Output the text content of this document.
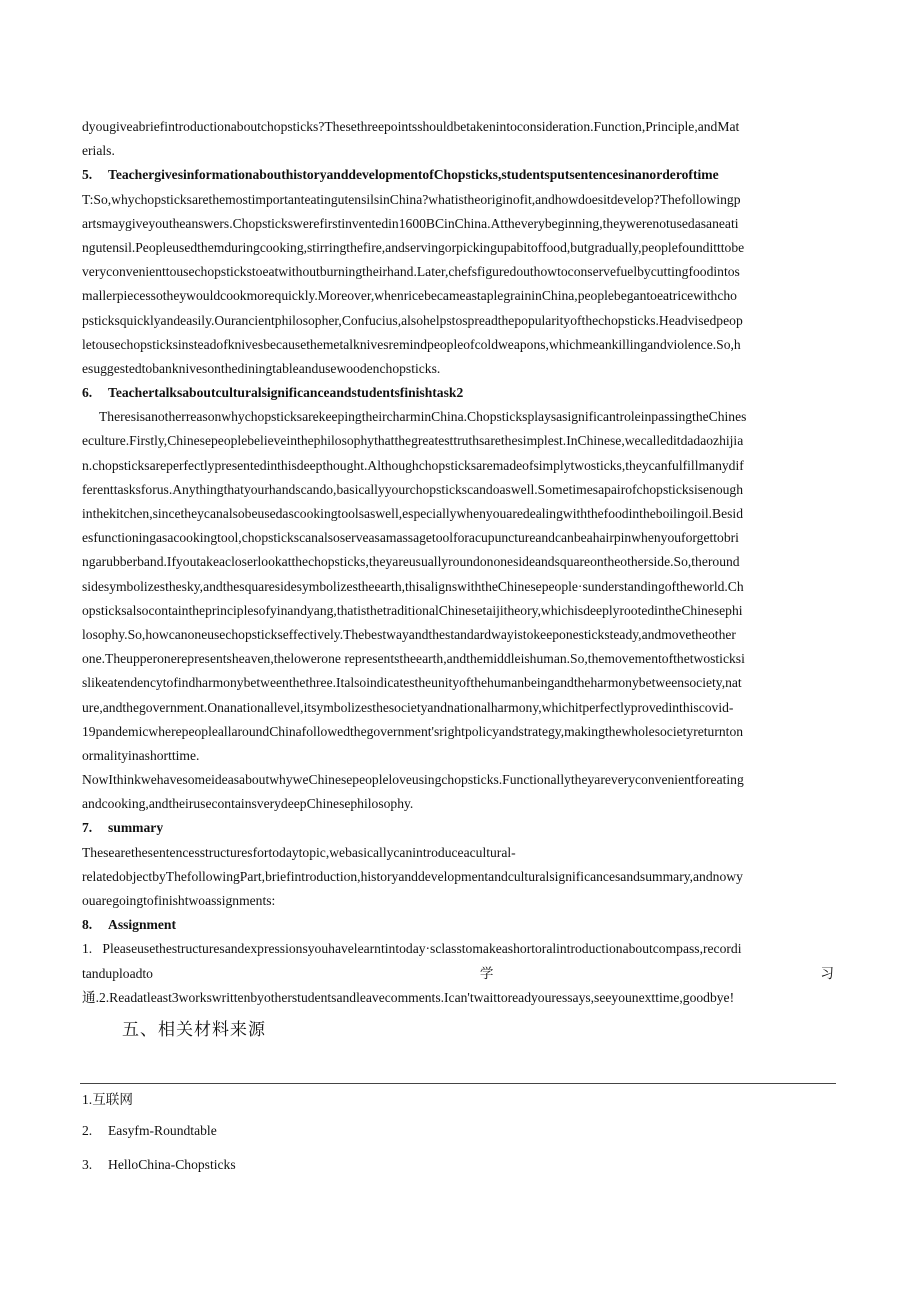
dyougiveabriefintroductionaboutchopsticks?Thesethreepointsshouldbetakenintoconsideration.Function,Principle,andMat
erials.
5. TeachergivesinformationabouthistoryanddevelopmentofChopsticks,studentsputsentencesinanorderoftime
T:So,whychopsticksarethemostimportanteatingutensilsinChina?whatistheoriginofit,andhowdoesitdevelop?Thefollowingp
artsmaygiveyoutheanswers.Chopstickswerefirstinventedin1600BCinChina.Attheverybeginning,theywerenotusedasaneati
ngutensil.Peopleusedthemduringcooking,stirringthefire,andservingorpickingupabitoffood,butgradually,peoplefounditttobe
veryconvenienttousechopstickstoeatwithoutburningtheirhand.Later,chefsfiguredouthowtoconservefuelbycuttingfoodintos
mallerpiecessotheywouldcookmorequickly.Moreover,whenricebecameastaplegraininChina,peoplebegantoeatricewithcho
psticksquicklyandeasily.Ourancientphilosopher,Confucius,alsohelpstospreadthepopularityofthechopsticks.Headvisedpeop
letousechopsticksinsteadofknivesbecausethemetalknivesremindpeopleofcoldweapons,whichmeankillingandviolence.So,h
esuggestedtobanknivesonthediningtableandusewoodenchopsticks.
6. Teachertalksaboutculturalsignificanceandstudentsfinishtask2
TheresisanotherreasonwhychopsticksarekeepingtheircharminChina.ChopsticksplaysasignificantroleinpassingtheChines
eculture.Firstly,Chinesepeoplebelieveinthephilosophythatthegreatesttruthsarethesimplest.InChinese,wecalleditdadaozhijia
n.chopsticksareperfectlypresentedinthisdeepthought.Althoughchopsticksaremadeofsimplytwosticks,theycanfulfillmanydif
ferenttasksforus.Anythingthatyourhandscando,basicallyyourchopstickscandoaswell.Sometimesapairofchopsticksisenough
inthekitchen,sincetheycanalsobeusedascookingtoolsaswell,especiallywhenyouaredealingwiththefoodintheboilingoil.Besid
esfunctioningasacookingtool,chopstickscanalsoserveasamassagetoolforacupunctureandcanbeahairpinwhenyouforgettobri
ngarubberband.Ifyoutakeacloserlookatthechopsticks,theyareusuallyroundononesideandsquareontheotherside.So,theround
sidesymbolizesthesky,andthesquaresidesymbolizestheearth,thisalignswiththeChinesepeople·sunderstandingoftheworld.Ch
opsticksalsocontaintheprinciplesofyinandyang,thatisthetraditionalChinesetaijitheory,whichisdeeplyrootedintheChinesephi
losophy.So,howcanoneusechopstickseffectively.Thebestwayandthestandardwayistokeeponesticksteady,andmovetheother
one.Theupperonerepresentsheaven,thelowerone representstheearth,andthemiddleishuman.So,themovementofthetwosticksi
slikeatendencytofindharmonybetweenthethree.Italsoindicatestheunityofthehumanbeingandtheharmonybetweensociety,nat
ure,andthegovernment.Onanationallevel,itsymbolizesthesocietyandnationalharmony,whichitperfectlyprovedinthiscovid-
19pandemicwherepeopleallaroundChinafollowedthegovernment'srightpolicyandstrategy,makingthewholesocietyreturnton
ormalityinashorttime.
NowIthinkwehavesomeideasaboutwhyweChinesepeopleloveusingchopsticks.Functionallytheyareveryconvenientforeating
andcooking,andtheirusecontainsverydeepChinesephilosophy.
7. summary
Thesearethesentencesstructuresfortodaytopic,webasicallycanintroduceacultural-
relatedobjectbyThefollowingPart,briefintroduction,historyanddevelopmentandculturalsignificancesandsummary,andnowy
ouaregoingtofinishtwoassignments:
8. Assignment
1.   Pleaseusethestructuresandexpressionsyouhavelearntintoday·sclasstomakeashortoralintroductionaboutcompass,recordi
tanduploadto	学	习
通.2.Readatleast3workswrittenbyotherstudentsandleavecomments.Ican'twaittoreadyouressays,seeyounexttime,goodbye!
五、相关材料来源
1.互联网
2. Easyfm-Roundtable
3. HelloChina-Chopsticks
